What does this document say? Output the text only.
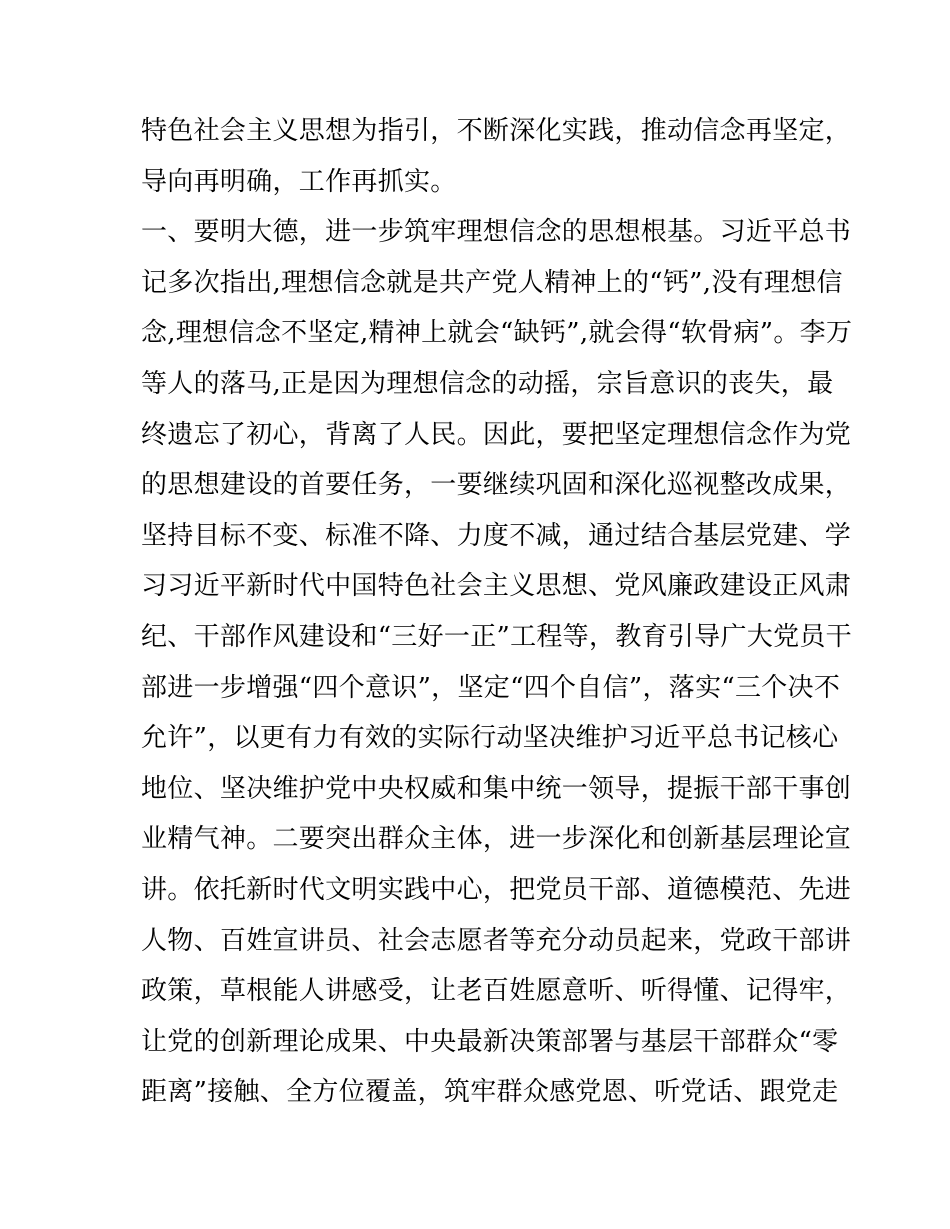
特色社会主义思想为指引，不断深化实践，推动信念再坚定，
导向再明确，工作再抓实。
一、要明大德，进一步筑牢理想信念的思想根基。习近平总书
记多次指出,理想信念就是共产党人精神上的“钙”,没有理想信
念,理想信念不坚定,精神上就会“缺钙”,就会得“软骨病”。李万
等人的落马,正是因为理想信念的动摇，宗旨意识的丧失，最
终遗忘了初心，背离了人民。因此，要把坚定理想信念作为党
的思想建设的首要任务，一要继续巩固和深化巡视整改成果，
坚持目标不变、标准不降、力度不减，通过结合基层党建、学
习习近平新时代中国特色社会主义思想、党风廉政建设正风肃
纪、干部作风建设和“三好一正”工程等，教育引导广大党员干
部进一步增强“四个意识”，坚定“四个自信”，落实“三个决不
允许”，以更有力有效的实际行动坚决维护习近平总书记核心
地位、坚决维护党中央权威和集中统一领导，提振干部干事创
业精气神。二要突出群众主体，进一步深化和创新基层理论宣
讲。依托新时代文明实践中心，把党员干部、道德模范、先进
人物、百姓宣讲员、社会志愿者等充分动员起来，党政干部讲
政策，草根能人讲感受，让老百姓愿意听、听得懂、记得牢，
让党的创新理论成果、中央最新决策部署与基层干部群众“零
距离”接触、全方位覆盖，筑牢群众感党恩、听党话、跟党走
